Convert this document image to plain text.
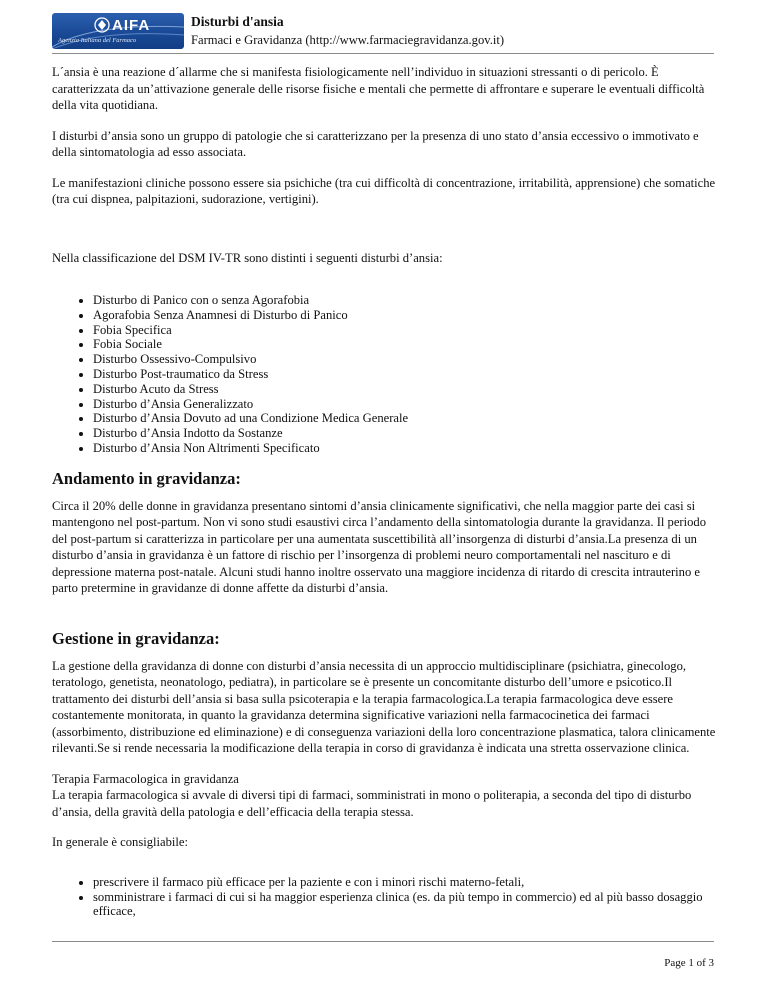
AIFA
Agenzia Italiana del Farmaco
Disturbi d'ansia
Farmaci e Gravidanza (http://www.farmaciegravidanza.gov.it)

L´ansia è una reazione d´allarme che si manifesta fisiologicamente nell’individuo in situazioni stressanti o di pericolo. È caratterizzata da un’attivazione generale delle risorse fisiche e mentali che permette di affrontare e superare le eventuali difficoltà della vita quotidiana.

I disturbi d’ansia sono un gruppo di patologie che si caratterizzano per la presenza di uno stato d’ansia eccessivo o immotivato e della sintomatologia ad esso associata.

Le manifestazioni cliniche possono essere sia psichiche (tra cui difficoltà di concentrazione, irritabilità, apprensione) che somatiche (tra cui dispnea, palpitazioni, sudorazione, vertigini).

Nella classificazione del DSM IV-TR sono distinti i seguenti disturbi d’ansia:

• Disturbo di Panico con o senza Agorafobia
• Agorafobia Senza Anamnesi di Disturbo di Panico
• Fobia Specifica
• Fobia Sociale
• Disturbo Ossessivo-Compulsivo
• Disturbo Post-traumatico da Stress
• Disturbo Acuto da Stress
• Disturbo d’Ansia Generalizzato
• Disturbo d’Ansia Dovuto ad una Condizione Medica Generale
• Disturbo d’Ansia Indotto da Sostanze
• Disturbo d’Ansia Non Altrimenti Specificato
Andamento in gravidanza:

Circa il 20% delle donne in gravidanza presentano sintomi d’ansia clinicamente significativi, che nella maggior parte dei casi si mantengono nel post-partum. Non vi sono studi esaustivi circa l’andamento della sintomatologia durante la gravidanza. Il periodo del post-partum si caratterizza in particolare per una aumentata suscettibilità all’insorgenza di disturbi d’ansia.La presenza di un disturbo d’ansia in gravidanza è un fattore di rischio per l’insorgenza di problemi neuro comportamentali nel nascituro e di depressione materna post-natale. Alcuni studi hanno inoltre osservato una maggiore incidenza di ritardo di crescita intrauterino e parto pretermine in gravidanze di donne affette da disturbi d’ansia.

Gestione in gravidanza:

La gestione della gravidanza di donne con disturbi d’ansia necessita di un approccio multidisciplinare (psichiatra, ginecologo, teratologo, genetista, neonatologo, pediatra), in particolare se è presente un concomitante disturbo dell’umore e psicotico.Il trattamento dei disturbi dell’ansia si basa sulla psicoterapia e la terapia farmacologica.La terapia farmacologica deve essere costantemente monitorata, in quanto la gravidanza determina significative variazioni nella farmacocinetica dei farmaci (assorbimento, distribuzione ed eliminazione) e di conseguenza variazioni della loro concentrazione plasmatica, talora clinicamente rilevanti.Se si rende necessaria la modificazione della terapia in corso di gravidanza è indicata una stretta osservazione clinica.

Terapia Farmacologica in gravidanza
La terapia farmacologica si avvale di diversi tipi di farmaci, somministrati in mono o politerapia, a seconda del tipo di disturbo d’ansia, della gravità della patologia e dell’efficacia della terapia stessa.

In generale è consigliabile:

• prescrivere il farmaco più efficace per la paziente e con i minori rischi materno-fetali,
• somministrare i farmaci di cui si ha maggior esperienza clinica (es. da più tempo in commercio) ed al più basso dosaggio efficace,
Page 1 of 3
